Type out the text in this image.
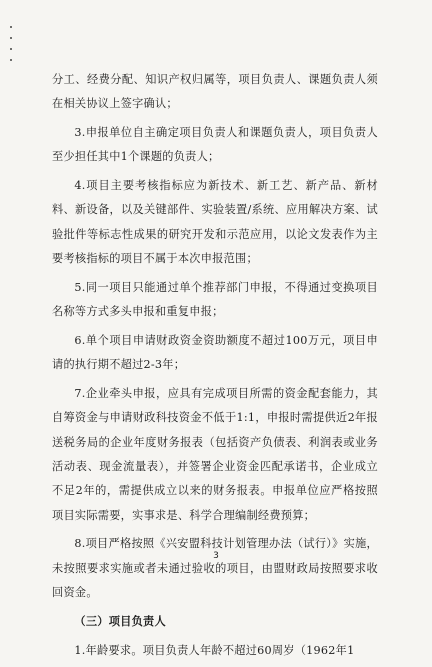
分工、经费分配、知识产权归属等，项目负责人、课题负责人须在相关协议上签字确认；

3.申报单位自主确定项目负责人和课题负责人，项目负责人至少担任其中1个课题的负责人；

4.项目主要考核指标应为新技术、新工艺、新产品、新材料、新设备，以及关键部件、实验装置/系统、应用解决方案、试验批件等标志性成果的研究开发和示范应用，以论文发表作为主要考核指标的项目不属于本次申报范围；

5.同一项目只能通过单个推荐部门申报，不得通过变换项目名称等方式多头申报和重复申报；

6.单个项目申请财政资金资助额度不超过100万元，项目申请的执行期不超过2-3年；

7.企业牵头申报，应具有完成项目所需的资金配套能力，其自筹资金与申请财政科技资金不低于1:1，申报时需提供近2年报送税务局的企业年度财务报表（包括资产负债表、利润表或业务活动表、现金流量表），并签署企业资金匹配承诺书，企业成立不足2年的，需提供成立以来的财务报表。申报单位应严格按照项目实际需要，实事求是、科学合理编制经费预算；

8.项目严格按照《兴安盟科技计划管理办法（试行）》实施，未按照要求实施或者未通过验收的项目，由盟财政局按照要求收回资金。

（三）项目负责人

1.年龄要求。项目负责人年龄不超过60周岁（1962年1

3
